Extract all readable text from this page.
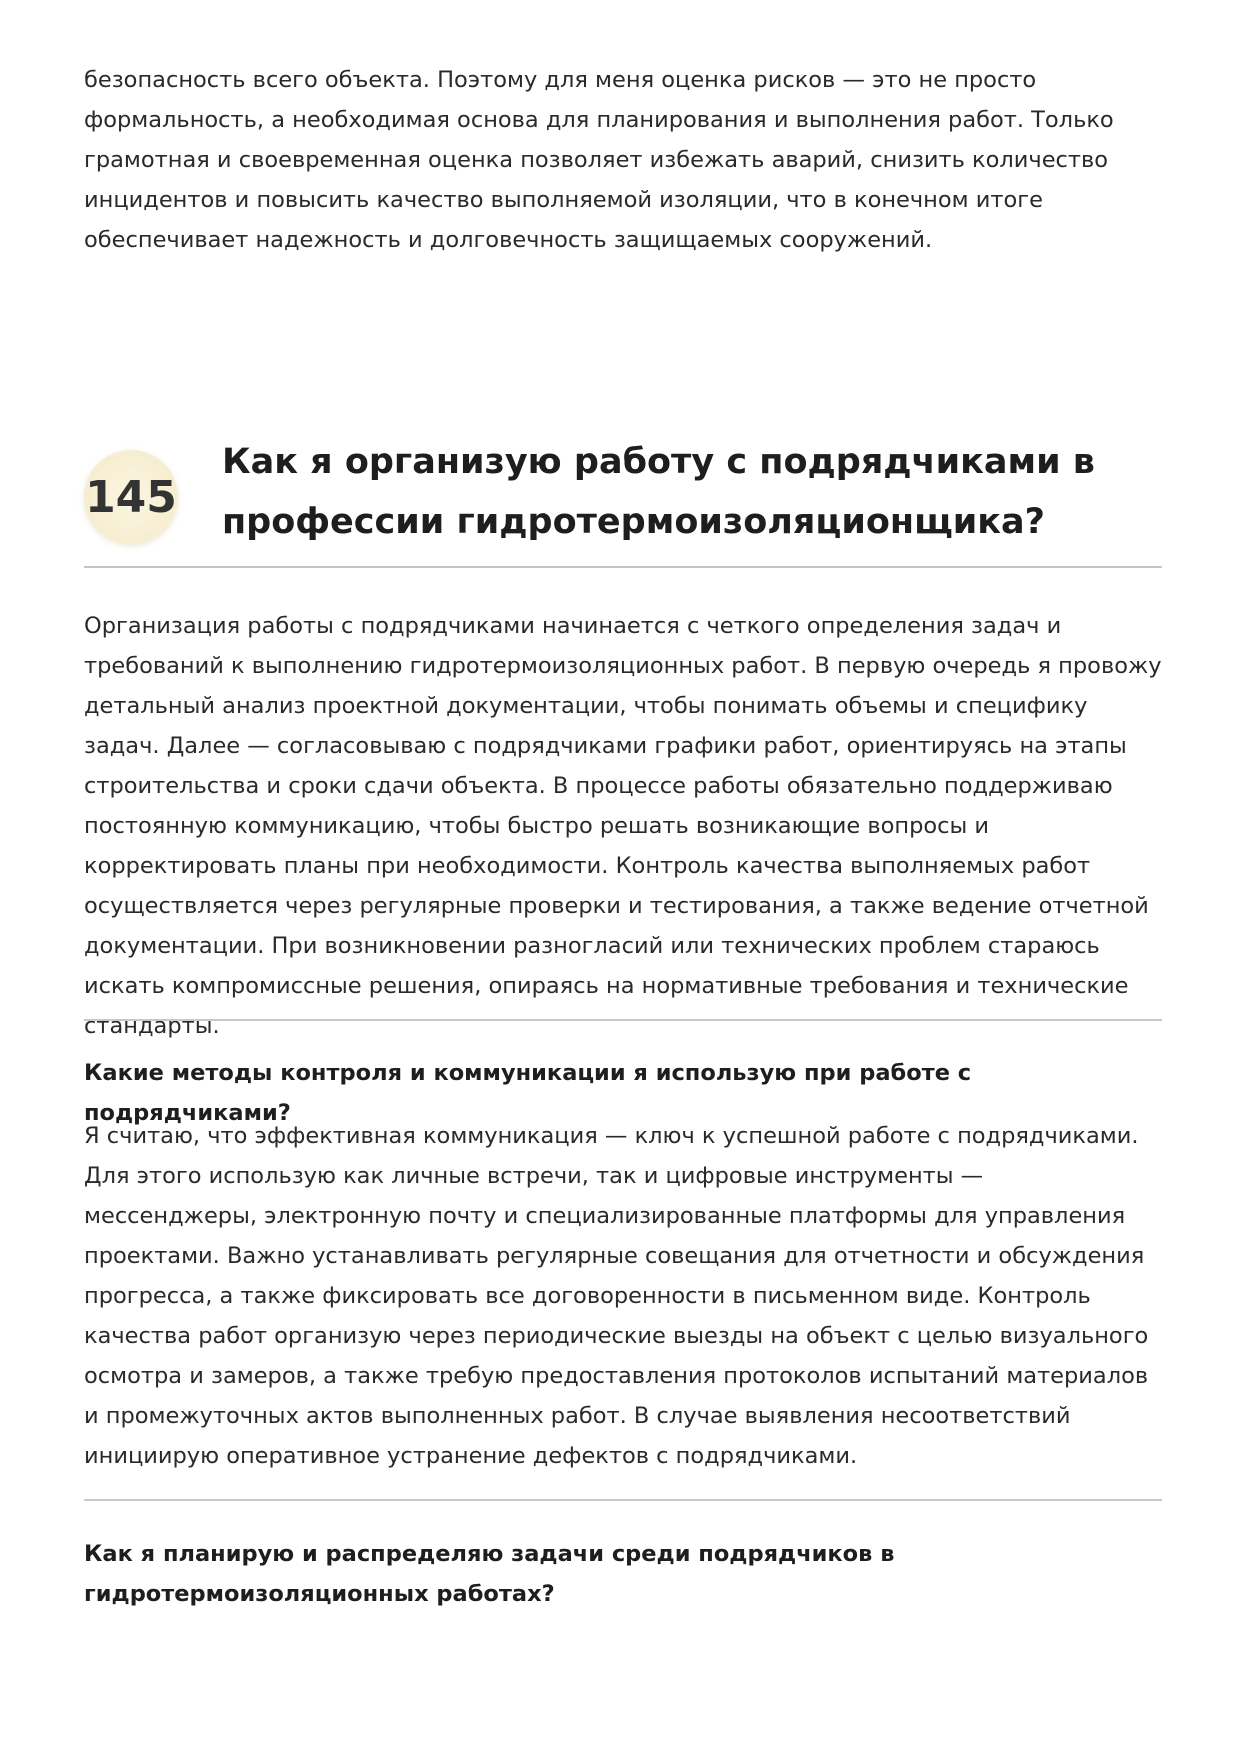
безопасность всего объекта. Поэтому для меня оценка рисков — это не просто формальность, а необходимая основа для планирования и выполнения работ. Только грамотная и своевременная оценка позволяет избежать аварий, снизить количество инцидентов и повысить качество выполняемой изоляции, что в конечном итоге обеспечивает надежность и долговечность защищаемых сооружений.

145
Как я организую работу с подрядчиками в профессии гидротермоизоляционщика?

Организация работы с подрядчиками начинается с четкого определения задач и требований к выполнению гидротермоизоляционных работ. В первую очередь я провожу детальный анализ проектной документации, чтобы понимать объемы и специфику задач. Далее — согласовываю с подрядчиками графики работ, ориентируясь на этапы строительства и сроки сдачи объекта. В процессе работы обязательно поддерживаю постоянную коммуникацию, чтобы быстро решать возникающие вопросы и корректировать планы при необходимости. Контроль качества выполняемых работ осуществляется через регулярные проверки и тестирования, а также ведение отчетной документации. При возникновении разногласий или технических проблем стараюсь искать компромиссные решения, опираясь на нормативные требования и технические стандарты.

Какие методы контроля и коммуникации я использую при работе с подрядчиками?

Я считаю, что эффективная коммуникация — ключ к успешной работе с подрядчиками. Для этого использую как личные встречи, так и цифровые инструменты — мессенджеры, электронную почту и специализированные платформы для управления проектами. Важно устанавливать регулярные совещания для отчетности и обсуждения прогресса, а также фиксировать все договоренности в письменном виде. Контроль качества работ организую через периодические выезды на объект с целью визуального осмотра и замеров, а также требую предоставления протоколов испытаний материалов и промежуточных актов выполненных работ. В случае выявления несоответствий инициирую оперативное устранение дефектов с подрядчиками.

Как я планирую и распределяю задачи среди подрядчиков в гидротермоизоляционных работах?
